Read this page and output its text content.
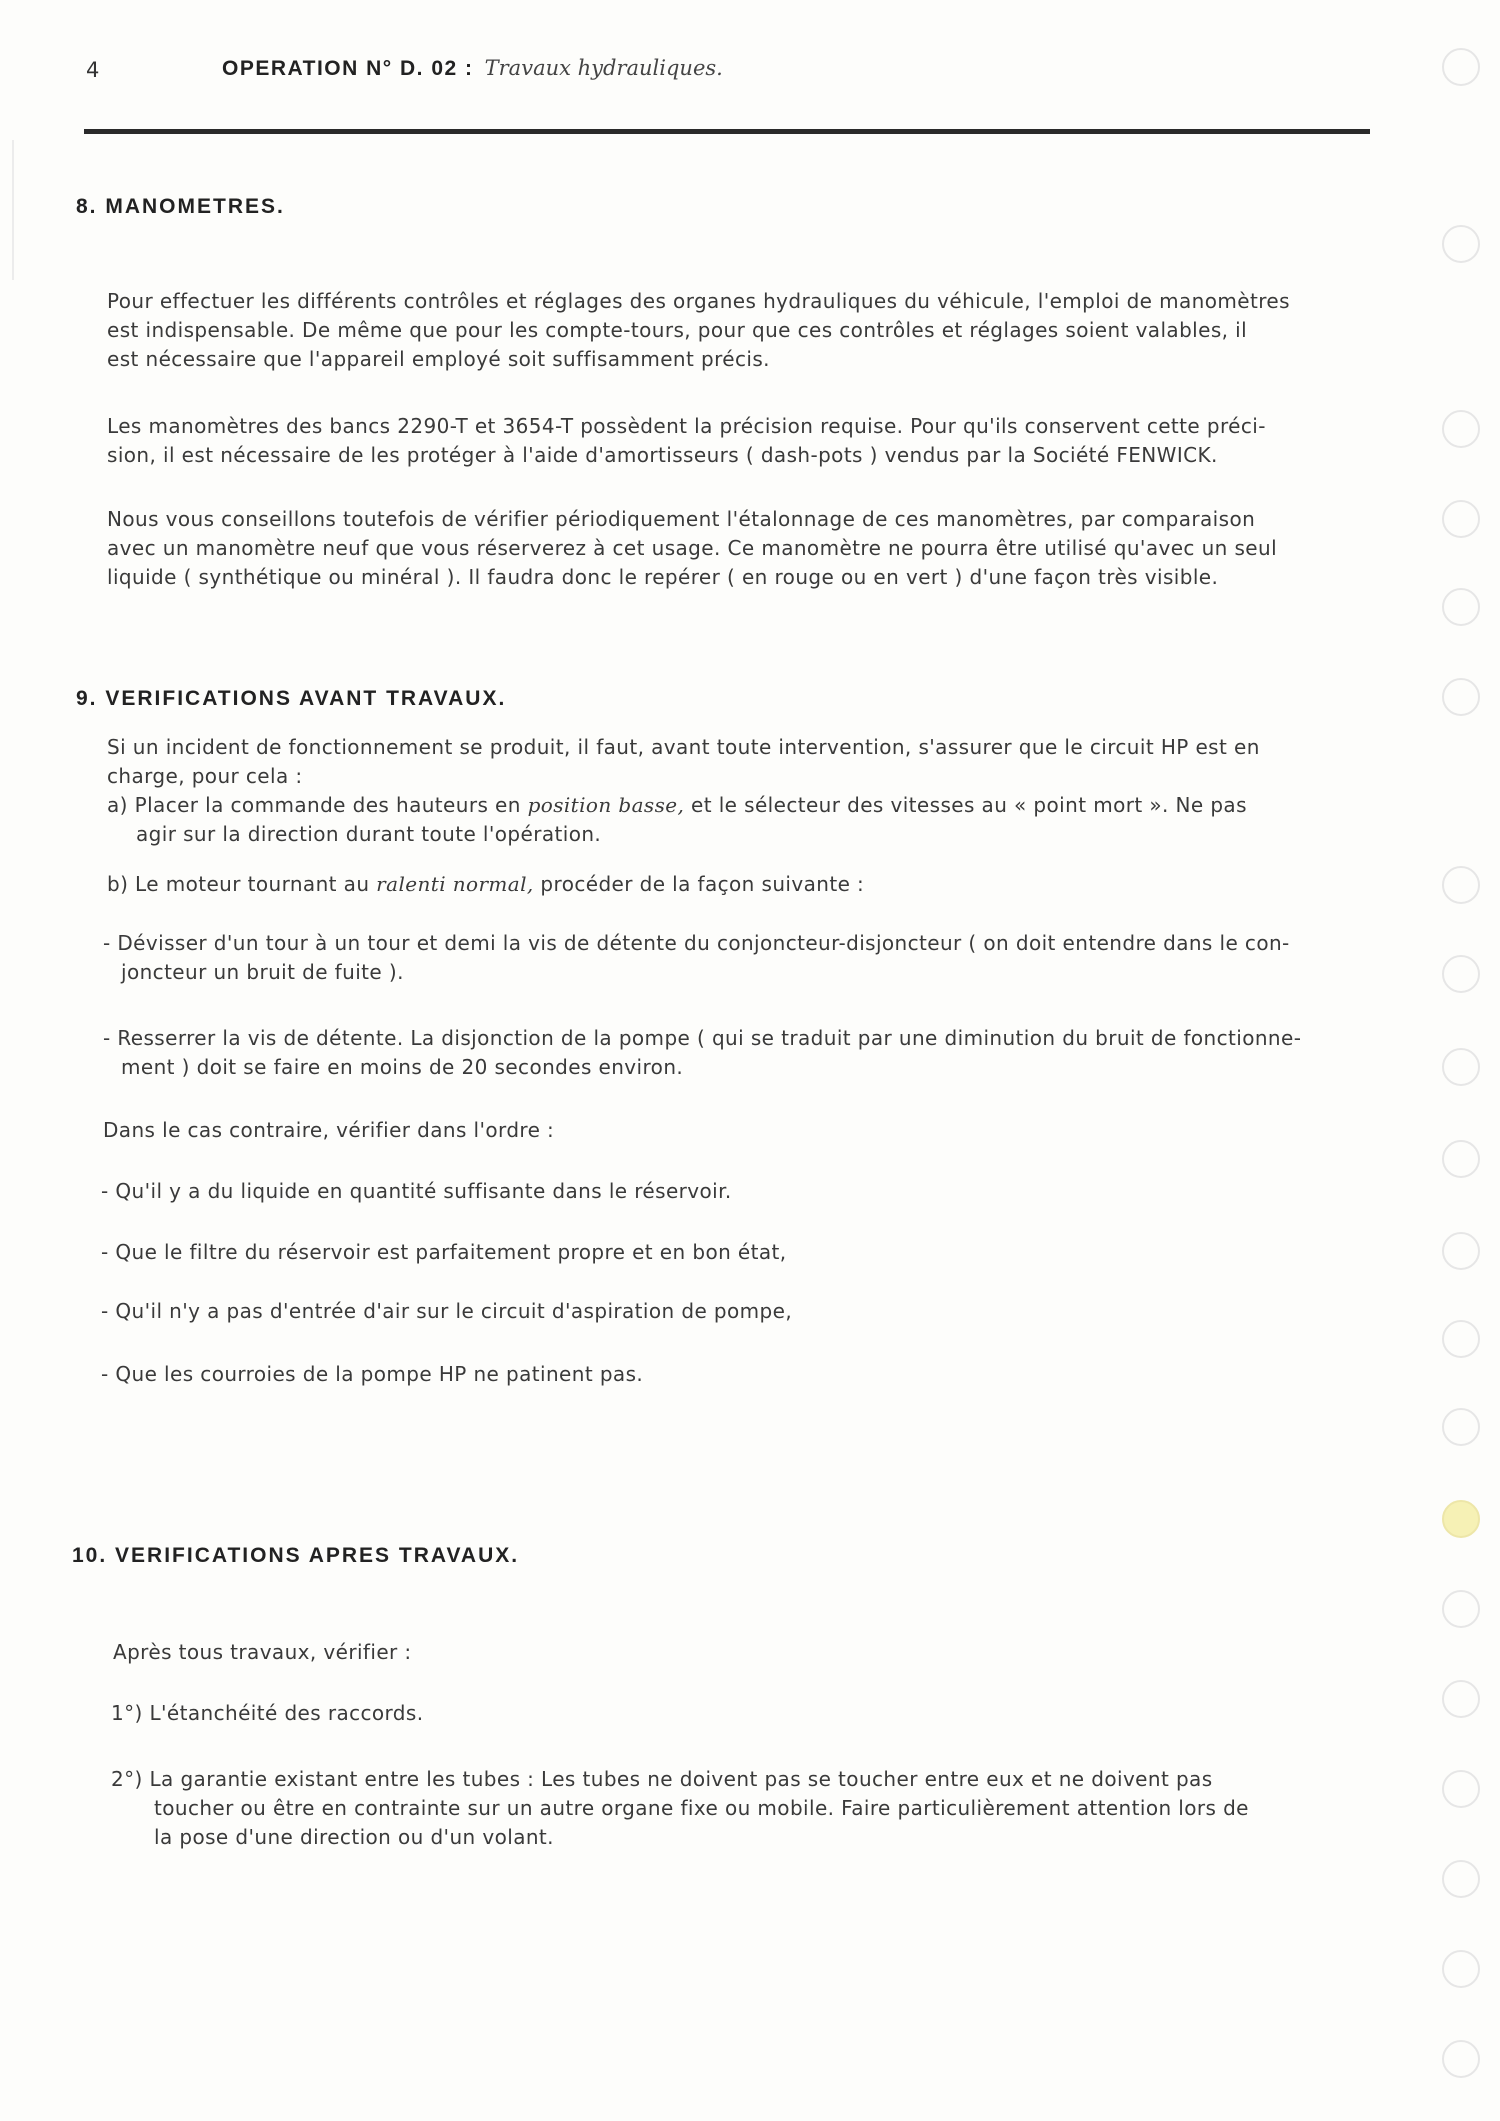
4	OPERATION N° D. 02 : Travaux hydrauliques.
8. MANOMETRES.
Pour effectuer les différents contrôles et réglages des organes hydrauliques du véhicule, l'emploi de manomètres
est indispensable. De même que pour les compte-tours, pour que ces contrôles et réglages soient valables, il
est nécessaire que l'appareil employé soit suffisamment précis.
Les manomètres des bancs 2290-T et 3654-T possèdent la précision requise. Pour qu'ils conservent cette préci-
sion, il est nécessaire de les protéger à l'aide d'amortisseurs ( dash-pots ) vendus par la Société FENWICK.
Nous vous conseillons toutefois de vérifier périodiquement l'étalonnage de ces manomètres, par comparaison
avec un manomètre neuf que vous réserverez à cet usage. Ce manomètre ne pourra être utilisé qu'avec un seul
liquide ( synthétique ou minéral ). Il faudra donc le repérer ( en rouge ou en vert ) d'une façon très visible.
9. VERIFICATIONS AVANT TRAVAUX.
Si un incident de fonctionnement se produit, il faut, avant toute intervention, s'assurer que le circuit HP est en
charge, pour cela :
a) Placer la commande des hauteurs en position basse, et le sélecteur des vitesses au « point mort ». Ne pas
agir sur la direction durant toute l'opération.
b) Le moteur tournant au ralenti normal, procéder de la façon suivante :
- Dévisser d'un tour à un tour et demi la vis de détente du conjoncteur-disjoncteur ( on doit entendre dans le con-
joncteur un bruit de fuite ).
- Resserrer la vis de détente. La disjonction de la pompe ( qui se traduit par une diminution du bruit de fonctionne-
ment ) doit se faire en moins de 20 secondes environ.
Dans le cas contraire, vérifier dans l'ordre :
- Qu'il y a du liquide en quantité suffisante dans le réservoir.
- Que le filtre du réservoir est parfaitement propre et en bon état,
- Qu'il n'y a pas d'entrée d'air sur le circuit d'aspiration de pompe,
- Que les courroies de la pompe HP ne patinent pas.
10. VERIFICATIONS APRES TRAVAUX.
Après tous travaux, vérifier :
1°) L'étanchéité des raccords.
2°) La garantie existant entre les tubes : Les tubes ne doivent pas se toucher entre eux et ne doivent pas
toucher ou être en contrainte sur un autre organe fixe ou mobile. Faire particulièrement attention lors de
la pose d'une direction ou d'un volant.
